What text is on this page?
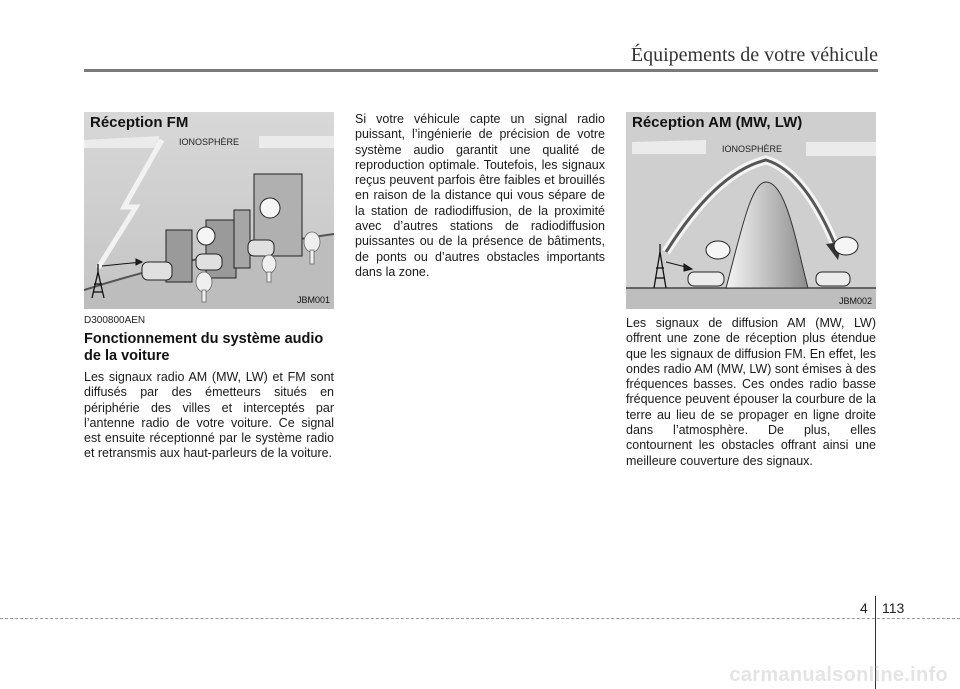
Équipements de votre véhicule
Réception FM
IONOSPHÈRE
JBM001
D300800AEN
Fonctionnement du système audio de la voiture

Les signaux radio AM (MW, LW) et FM sont diffusés par des émetteurs situés en périphérie des villes et interceptés par l’antenne radio de votre voiture. Ce signal est ensuite réceptionné par le système radio et retransmis aux haut-parleurs de la voiture.

Si votre véhicule capte un signal radio puissant, l’ingénierie de précision de votre système audio garantit une qualité de reproduction optimale. Toutefois, les signaux reçus peuvent parfois être faibles et brouillés en raison de la distance qui vous sépare de la station de radiodiffusion, de la proximité avec d’autres stations de radiodiffusion puissantes ou de la présence de bâtiments, de ponts ou d’autres obstacles importants dans la zone.

Réception AM (MW, LW)
IONOSPHÈRE
JBM002

Les signaux de diffusion AM (MW, LW) offrent une zone de réception plus étendue que les signaux de diffusion FM. En effet, les ondes radio AM (MW, LW) sont émises à des fréquences basses. Ces ondes radio basse fréquence peuvent épouser la courbure de la terre au lieu de se propager en ligne droite dans l’atmosphère. De plus, elles contournent les obstacles offrant ainsi une meilleure couverture des signaux.

4 113
carmanualsonline.info
